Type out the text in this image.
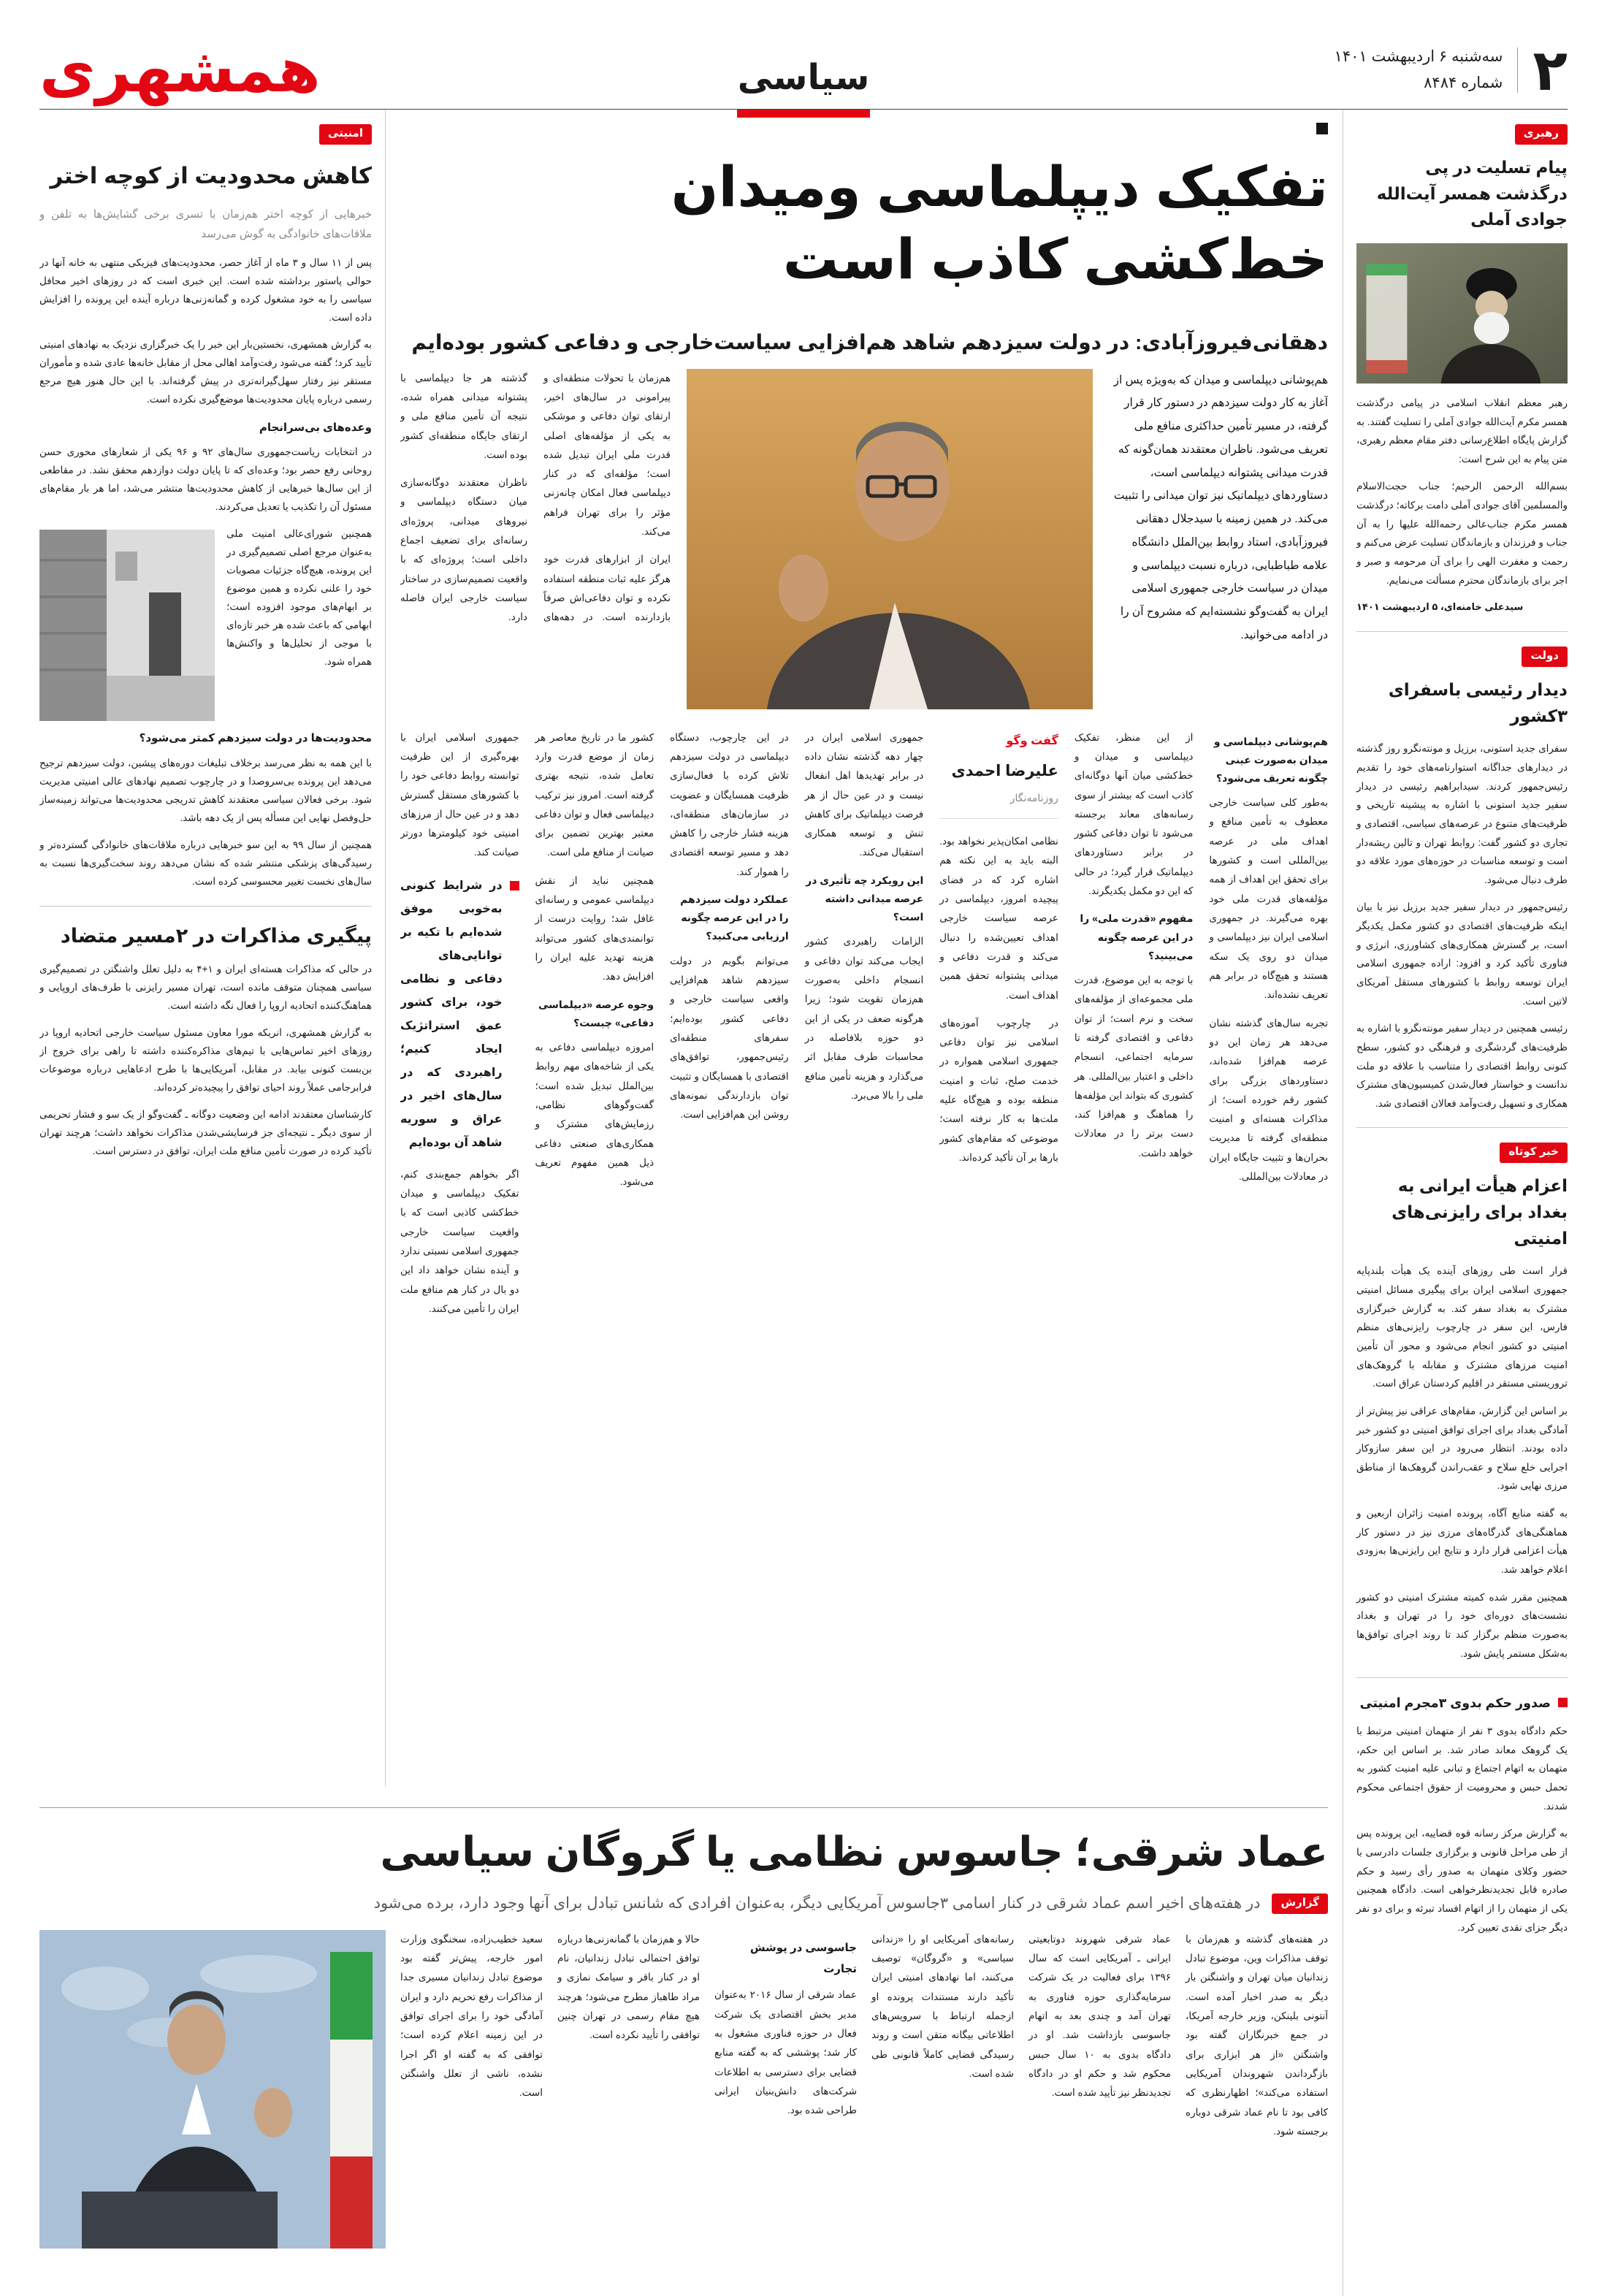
۲
سه‌شنبه ۶ اردیبهشت ۱۴۰۱
شماره ۸۴۸۴
سیاسی
همشهری
رهبری
پیام تسلیت در پی درگذشت همسر آیت‌الله جوادی آملی

رهبر معظم انقلاب اسلامی در پیامی درگذشت همسر مکرم آیت‌الله جوادی آملی را تسلیت گفتند. به گزارش پایگاه اطلاع‌رسانی دفتر مقام معظم رهبری، متن پیام به این شرح است:

بسم‌الله الرحمن الرحیم؛ جناب حجت‌الاسلام والمسلمین آقای جوادی آملی دامت برکاته؛ درگذشت همسر مکرم جناب‌عالی رحمه‌الله علیها را به آن جناب و فرزندان و بازماندگان تسلیت عرض می‌کنم و رحمت و مغفرت الهی را برای آن مرحومه و صبر و اجر برای بازماندگان محترم مسألت می‌نمایم.

سیدعلی خامنه‌ای، ۵ اردیبهشت ۱۴۰۱

دولت
دیدار رئیسی باسفرای ۳کشور

سفرای جدید استونی، برزیل و مونته‌نگرو روز گذشته در دیدارهای جداگانه استوارنامه‌های خود را تقدیم رئیس‌جمهور کردند. سیدابراهیم رئیسی در دیدار سفیر جدید استونی با اشاره به پیشینه تاریخی و ظرفیت‌های متنوع در عرصه‌های سیاسی، اقتصادی و تجاری دو کشور گفت: روابط تهران و تالین ریشه‌دار است و توسعه مناسبات در حوزه‌های مورد علاقه دو طرف دنبال می‌شود.

رئیس‌جمهور در دیدار سفیر جدید برزیل نیز با بیان اینکه ظرفیت‌های اقتصادی دو کشور مکمل یکدیگر است، بر گسترش همکاری‌های کشاورزی، انرژی و فناوری تأکید کرد و افزود: اراده جمهوری اسلامی ایران توسعه روابط با کشورهای مستقل آمریکای لاتین است.

رئیسی همچنین در دیدار سفیر مونته‌نگرو با اشاره به ظرفیت‌های گردشگری و فرهنگی دو کشور، سطح کنونی روابط اقتصادی را متناسب با علاقه دو ملت ندانست و خواستار فعال‌شدن کمیسیون‌های مشترک همکاری و تسهیل رفت‌وآمد فعالان اقتصادی شد.

خبر کوتاه
اعزام هیأت ایرانی به بغداد برای رایزنی‌های امنیتی

قرار است طی روزهای آینده یک هیأت بلندپایه جمهوری اسلامی ایران برای پیگیری مسائل امنیتی مشترک به بغداد سفر کند. به گزارش خبرگزاری فارس، این سفر در چارچوب رایزنی‌های منظم امنیتی دو کشور انجام می‌شود و محور آن تأمین امنیت مرزهای مشترک و مقابله با گروهک‌های تروریستی مستقر در اقلیم کردستان عراق است.

بر اساس این گزارش، مقام‌های عراقی نیز پیش‌تر از آمادگی بغداد برای اجرای توافق امنیتی دو کشور خبر داده بودند. انتظار می‌رود در این سفر سازوکار اجرایی خلع سلاح و عقب‌راندن گروهک‌ها از مناطق مرزی نهایی شود.

به گفته منابع آگاه، پرونده امنیت زائران اربعین و هماهنگی‌های گذرگاه‌های مرزی نیز در دستور کار هیأت اعزامی قرار دارد و نتایج این رایزنی‌ها به‌زودی اعلام خواهد شد.

همچنین مقرر شده کمیته مشترک امنیتی دو کشور نشست‌های دوره‌ای خود را در تهران و بغداد به‌صورت منظم برگزار کند تا روند اجرای توافق‌ها به‌شکل مستمر پایش شود.

صدور حکم بدوی ۳مجرم امنیتی

حکم دادگاه بدوی ۳ نفر از متهمان امنیتی مرتبط با یک گروهک معاند صادر شد. بر اساس این حکم، متهمان به اتهام اجتماع و تبانی علیه امنیت کشور به تحمل حبس و محرومیت از حقوق اجتماعی محکوم شدند.

به گزارش مرکز رسانه قوه قضاییه، این پرونده پس از طی مراحل قانونی و برگزاری جلسات دادرسی با حضور وکلای متهمان به صدور رأی رسید و حکم صادره قابل تجدیدنظرخواهی است. دادگاه همچنین یکی از متهمان را از اتهام افساد تبرئه و برای دو نفر دیگر جزای نقدی تعیین کرد.

تفکیک دیپلماسی ومیدان
خط‌کشی کاذب است
دهقانی‌فیروزآبادی: در دولت سیزدهم شاهد هم‌افزایی سیاست‌خارجی و دفاعی کشور بوده‌ایم
هم‌پوشانی دیپلماسی و میدان که به‌ویژه پس از آغاز به کار دولت سیزدهم در دستور کار قرار گرفته، در مسیر تأمین حداکثری منافع ملی تعریف می‌شود. ناظران معتقدند همان‌گونه که قدرت میدانی پشتوانه دیپلماسی است، دستاوردهای دیپلماتیک نیز توان میدانی را تثبیت می‌کند. در همین زمینه با سیدجلال دهقانی فیروزآبادی، استاد روابط بین‌الملل دانشگاه علامه طباطبایی، درباره نسبت دیپلماسی و میدان در سیاست خارجی جمهوری اسلامی ایران به گفت‌وگو نشسته‌ایم که مشروح آن را در ادامه می‌خوانید.

هم‌زمان با تحولات منطقه‌ای و پیرامونی در سال‌های اخیر، ارتقای توان دفاعی و موشکی به یکی از مؤلفه‌های اصلی قدرت ملی ایران تبدیل شده است؛ مؤلفه‌ای که در کنار دیپلماسی فعال امکان چانه‌زنی مؤثر را برای تهران فراهم می‌کند.

ایران از ابزارهای قدرت خود هرگز علیه ثبات منطقه استفاده نکرده و توان دفاعی‌اش صرفاً بازدارنده است. در دهه‌های گذشته هر جا دیپلماسی با پشتوانه میدانی همراه شده، نتیجه آن تأمین منافع ملی و ارتقای جایگاه منطقه‌ای کشور بوده است.

ناظران معتقدند دوگانه‌سازی میان دستگاه دیپلماسی و نیروهای میدانی، پروژه‌ای رسانه‌ای برای تضعیف اجماع داخلی است؛ پروژه‌ای که با واقعیت تصمیم‌سازی در ساختار سیاست خارجی ایران فاصله دارد.

هم‌پوشانی دیپلماسی و میدان به‌صورت عینی چگونه تعریف می‌شود؟

به‌طور کلی سیاست خارجی معطوف به تأمین منافع و اهداف ملی در عرصه بین‌المللی است و کشورها برای تحقق این اهداف از همه مؤلفه‌های قدرت ملی خود بهره می‌گیرند. در جمهوری اسلامی ایران نیز دیپلماسی و میدان دو روی یک سکه هستند و هیچ‌گاه در برابر هم تعریف نشده‌اند.

تجربه سال‌های گذشته نشان می‌دهد هر زمان این دو عرصه هم‌افزا شده‌اند، دستاوردهای بزرگی برای کشور رقم خورده است؛ از مذاکرات هسته‌ای و امنیت منطقه‌ای گرفته تا مدیریت بحران‌ها و تثبیت جایگاه ایران در معادلات بین‌المللی.

از این منظر، تفکیک دیپلماسی و میدان و خط‌کشی میان آنها دوگانه‌ای کاذب است که بیشتر از سوی رسانه‌های معاند برجسته می‌شود تا توان دفاعی کشور در برابر دستاوردهای دیپلماتیک قرار گیرد؛ در حالی که این دو مکمل یکدیگرند.

مفهوم «قدرت ملی» را در این عرصه چگونه می‌بینید؟

با توجه به این موضوع، قدرت ملی مجموعه‌ای از مؤلفه‌های سخت و نرم است؛ از توان دفاعی و اقتصادی گرفته تا سرمایه اجتماعی، انسجام داخلی و اعتبار بین‌المللی. هر کشوری که بتواند این مؤلفه‌ها را هماهنگ و هم‌افزا کند، دست برتر را در معادلات خواهد داشت.

گفت وگو
علیرضا احمدی
روزنامه‌نگار

نظامی امکان‌پذیر نخواهد بود. البته باید به این نکته هم اشاره کرد که در فضای پیچیده امروز، دیپلماسی در عرصه سیاست خارجی اهداف تعیین‌شده را دنبال می‌کند و قدرت دفاعی و میدانی پشتوانه تحقق همین اهداف است.

در چارچوب آموزه‌های اسلامی نیز توان دفاعی جمهوری اسلامی همواره در خدمت صلح، ثبات و امنیت منطقه بوده و هیچ‌گاه علیه ملت‌ها به کار نرفته است؛ موضوعی که مقام‌های کشور بارها بر آن تأکید کرده‌اند.

جمهوری اسلامی ایران در چهار دهه گذشته نشان داده در برابر تهدیدها اهل انفعال نیست و در عین حال از هر فرصت دیپلماتیک برای کاهش تنش و توسعه همکاری استقبال می‌کند.

این رویکرد چه تأثیری در عرصه میدانی داشته است؟

الزامات راهبردی کشور ایجاب می‌کند توان دفاعی و انسجام داخلی به‌صورت هم‌زمان تقویت شود؛ زیرا هرگونه ضعف در یکی از این دو حوزه بلافاصله در محاسبات طرف مقابل اثر می‌گذارد و هزینه تأمین منافع ملی را بالا می‌برد.

در این چارچوب، دستگاه دیپلماسی در دولت سیزدهم تلاش کرده با فعال‌سازی ظرفیت همسایگان و عضویت در سازمان‌های منطقه‌ای، هزینه فشار خارجی را کاهش دهد و مسیر توسعه اقتصادی را هموار کند.

عملکرد دولت سیزدهم را در این عرصه چگونه ارزیابی می‌کنید؟

می‌توانم بگویم در دولت سیزدهم شاهد هم‌افزایی واقعی سیاست خارجی و دفاعی کشور بوده‌ایم؛ سفرهای منطقه‌ای رئیس‌جمهور، توافق‌های اقتصادی با همسایگان و تثبیت توان بازدارندگی نمونه‌های روشن این هم‌افزایی است.

کشور ما در تاریخ معاصر هر زمان از موضع قدرت وارد تعامل شده، نتیجه بهتری گرفته است. امروز نیز ترکیب دیپلماسی فعال و توان دفاعی معتبر بهترین تضمین برای صیانت از منافع ملی است.

همچنین نباید از نقش دیپلماسی عمومی و رسانه‌ای غافل شد؛ روایت درست از توانمندی‌های کشور می‌تواند هزینه تهدید علیه ایران را افزایش دهد.

وجوه عرصه «دیپلماسی دفاعی» چیست؟

امروزه دیپلماسی دفاعی به یکی از شاخه‌های مهم روابط بین‌الملل تبدیل شده است؛ گفت‌وگوهای نظامی، رزمایش‌های مشترک و همکاری‌های صنعتی دفاعی ذیل همین مفهوم تعریف می‌شود.

جمهوری اسلامی ایران با بهره‌گیری از این ظرفیت توانسته روابط دفاعی خود را با کشورهای مستقل گسترش دهد و در عین حال از مرزهای امنیتی خود کیلومترها دورتر صیانت کند.

در شرایط کنونی به‌خوبی موفق شده‌ایم با تکیه بر توانایی‌های دفاعی و نظامی خود، برای کشور عمق استراتژیک ایجاد کنیم؛ راهبردی که در سال‌های اخیر در عراق و سوریه شاهد آن بوده‌ایم

اگر بخواهم جمع‌بندی کنم، تفکیک دیپلماسی و میدان خط‌کشی کاذبی است که با واقعیت سیاست خارجی جمهوری اسلامی نسبتی ندارد و آینده نشان خواهد داد این دو بال در کنار هم منافع ملت ایران را تأمین می‌کنند.

امنیتی
کاهش محدودیت از کوچه اختر

خبرهایی از کوچه اختر هم‌زمان با تسری برخی گشایش‌ها به تلفن و ملاقات‌های خانوادگی به گوش می‌رسد

پس از ۱۱ سال و ۳ ماه از آغاز حصر، محدودیت‌های فیزیکی منتهی به خانه آنها در حوالی پاستور برداشته شده است. این خبری است که در روزهای اخیر محافل سیاسی را به خود مشغول کرده و گمانه‌زنی‌ها درباره آینده این پرونده را افزایش داده است.

به گزارش همشهری، نخستین‌بار این خبر را یک خبرگزاری نزدیک به نهادهای امنیتی تأیید کرد؛ گفته می‌شود رفت‌وآمد اهالی محل از مقابل خانه‌ها عادی شده و مأموران مستقر نیز رفتار سهل‌گیرانه‌تری در پیش گرفته‌اند. با این حال هنوز هیچ مرجع رسمی درباره پایان محدودیت‌ها موضع‌گیری نکرده است.

وعده‌های بی‌سرانجام

در انتخابات ریاست‌جمهوری سال‌های ۹۲ و ۹۶ یکی از شعارهای محوری حسن روحانی رفع حصر بود؛ وعده‌ای که تا پایان دولت دوازدهم محقق نشد. در مقاطعی از این سال‌ها خبرهایی از کاهش محدودیت‌ها منتشر می‌شد، اما هر بار مقام‌های مسئول آن را تکذیب یا تعدیل می‌کردند.

همچنین شورای‌عالی امنیت ملی به‌عنوان مرجع اصلی تصمیم‌گیری در این پرونده، هیچ‌گاه جزئیات مصوبات خود را علنی نکرده و همین موضوع بر ابهام‌های موجود افزوده است؛ ابهامی که باعث شده هر خبر تازه‌ای با موجی از تحلیل‌ها و واکنش‌ها همراه شود.

محدودیت‌ها در دولت سیزدهم کمتر می‌شود؟

با این همه به نظر می‌رسد برخلاف تبلیغات دوره‌های پیشین، دولت سیزدهم ترجیح می‌دهد این پرونده بی‌سروصدا و در چارچوب تصمیم نهادهای عالی امنیتی مدیریت شود. برخی فعالان سیاسی معتقدند کاهش تدریجی محدودیت‌ها می‌تواند زمینه‌ساز حل‌وفصل نهایی این مسأله پس از یک دهه باشد.

همچنین از سال ۹۹ به این سو خبرهایی درباره ملاقات‌های خانوادگی گسترده‌تر و رسیدگی‌های پزشکی منتشر شده که نشان می‌دهد روند سخت‌گیری‌ها نسبت به سال‌های نخست تغییر محسوسی کرده است.

پیگیری مذاکرات در ۲مسیر متضاد

در حالی که مذاکرات هسته‌ای ایران و ۱+۴ به دلیل تعلل واشنگتن در تصمیم‌گیری سیاسی همچنان متوقف مانده است، تهران مسیر رایزنی با طرف‌های اروپایی و هماهنگ‌کننده اتحادیه اروپا را فعال نگه داشته است.

به گزارش همشهری، انریکه مورا معاون مسئول سیاست خارجی اتحادیه اروپا در روزهای اخیر تماس‌هایی با تیم‌های مذاکره‌کننده داشته تا راهی برای خروج از بن‌بست کنونی بیابد. در مقابل، آمریکایی‌ها با طرح ادعاهایی درباره موضوعات فرابرجامی عملاً روند احیای توافق را پیچیده‌تر کرده‌اند.

کارشناسان معتقدند ادامه این وضعیت دوگانه ـ گفت‌وگو از یک سو و فشار تحریمی از سوی دیگر ـ نتیجه‌ای جز فرسایشی‌شدن مذاکرات نخواهد داشت؛ هرچند تهران تأکید کرده در صورت تأمین منافع ملت ایران، توافق در دسترس است.

عماد شرقی؛ جاسوس نظامی یا گروگان سیاسی
گزارش

در هفته‌های اخیر اسم عماد شرقی در کنار اسامی ۳جاسوس آمریکایی دیگر، به‌عنوان افرادی که شانس تبادل برای آنها وجود دارد، برده می‌شود

در هفته‌های گذشته و هم‌زمان با توقف مذاکرات وین، موضوع تبادل زندانیان میان تهران و واشنگتن بار دیگر به صدر اخبار آمده است. آنتونی بلینکن، وزیر خارجه آمریکا، در جمع خبرنگاران گفته بود واشنگتن «از هر ابزاری برای بازگرداندن شهروندان آمریکایی استفاده می‌کند»؛ اظهارنظری که کافی بود تا نام عماد شرقی دوباره برجسته شود.

عماد شرقی شهروند دوتابعیتی ایرانی ـ آمریکایی است که سال ۱۳۹۶ برای فعالیت در یک شرکت سرمایه‌گذاری حوزه فناوری به تهران آمد و چندی بعد به اتهام جاسوسی بازداشت شد. او در دادگاه بدوی به ۱۰ سال حبس محکوم شد و حکم او در دادگاه تجدیدنظر نیز تأیید شده است.

رسانه‌های آمریکایی او را «زندانی سیاسی» و «گروگان» توصیف می‌کنند، اما نهادهای امنیتی ایران تأکید دارند مستندات پرونده او ازجمله ارتباط با سرویس‌های اطلاعاتی بیگانه متقن است و روند رسیدگی قضایی کاملاً قانونی طی شده است.

جاسوسی در پوشش تجارت

عماد شرقی از سال ۲۰۱۶ به‌عنوان مدیر بخش اقتصادی یک شرکت فعال در حوزه فناوری مشغول به کار شد؛ پوششی که به گفته منابع قضایی برای دسترسی به اطلاعات شرکت‌های دانش‌بنیان ایرانی طراحی شده بود.

حالا و هم‌زمان با گمانه‌زنی‌ها درباره توافق احتمالی تبادل زندانیان، نام او در کنار باقر و سیامک نمازی و مراد طاهباز مطرح می‌شود؛ هرچند هیچ مقام رسمی در تهران چنین توافقی را تأیید نکرده است.

سعید خطیب‌زاده، سخنگوی وزارت امور خارجه، پیش‌تر گفته بود موضوع تبادل زندانیان مسیری جدا از مذاکرات رفع تحریم دارد و ایران آمادگی خود را برای اجرای توافق در این زمینه اعلام کرده است؛ توافقی که به گفته او اگر اجرا نشده، ناشی از تعلل واشنگتن است.
